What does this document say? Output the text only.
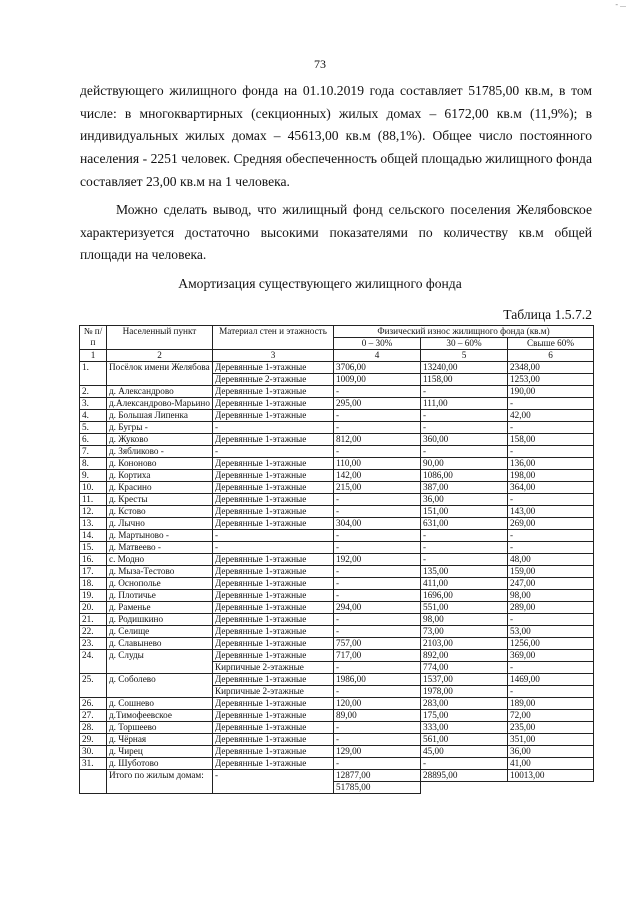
- ...
73

действующего жилищного фонда на 01.10.2019 года составляет 51785,00 кв.м, в том числе: в многоквартирных (секционных) жилых домах – 6172,00 кв.м (11,9%); в индивидуальных жилых домах – 45613,00 кв.м (88,1%). Общее число постоянного населения - 2251 человек. Средняя обеспеченность общей площадью жилищного фонда составляет 23,00 кв.м на 1 человека.

Можно сделать вывод, что жилищный фонд сельского поселения Желябовское характеризуется достаточно высокими показателями по количеству кв.м общей площади на человека.

Амортизация существующего жилищного фонда
Таблица 1.5.7.2
№ п/п	Населенный пункт	Материал стен и этажность	Физический износ жилищного фонда (кв.м)		
			0 – 30%	30 – 60%	Свыше 60%
1	2	3	4	5	6
1.	Посёлок имени Желябова	Деревянные 1-этажные	3706,00	13240,00	2348,00
		Деревянные 2-этажные	1009,00	1158,00	1253,00
2.	д. Александрово	Деревянные 1-этажные	-	-	190,00
3.	д.Александрово-Марьино	Деревянные 1-этажные	295,00	111,00	-
4.	д. Большая Липенка	Деревянные 1-этажные	-	-	42,00
5.	д. Бугры -	-	-	-	-
6.	д. Жуково	Деревянные 1-этажные	812,00	360,00	158,00
7.	д. Зябликово -	-	-	-	-
8.	д. Кононово	Деревянные 1-этажные	110,00	90,00	136,00
9.	д. Кортиха	Деревянные 1-этажные	142,00	1086,00	198,00
10.	д. Красино	Деревянные 1-этажные	215,00	387,00	364,00
11.	д. Кресты	Деревянные 1-этажные	-	36,00	-
12.	д. Кстово	Деревянные 1-этажные	-	151,00	143,00
13.	д. Лычно	Деревянные 1-этажные	304,00	631,00	269,00
14.	д. Мартыново -	-	-	-	-
15.	д. Матвеево -	-	-	-	-
16.	с. Модно	Деревянные 1-этажные	192,00	-	48,00
17.	д. Мыза-Тестово	Деревянные 1-этажные	-	135,00	159,00
18.	д. Оснополье	Деревянные 1-этажные	-	411,00	247,00
19.	д. Плотичье	Деревянные 1-этажные	-	1696,00	98,00
20.	д. Раменье	Деревянные 1-этажные	294,00	551,00	289,00
21.	д. Родишкино	Деревянные 1-этажные	-	98,00	-
22.	д. Селище	Деревянные 1-этажные	-	73,00	53,00
23.	д. Славынево	Деревянные 1-этажные	757,00	2103,00	1256,00
24.	д. Слуды	Деревянные 1-этажные	717,00	892,00	369,00
		Кирпичные 2-этажные	-	774,00	-
25.	д. Соболево	Деревянные 1-этажные	1986,00	1537,00	1469,00
		Кирпичные 2-этажные	-	1978,00	-
26.	д. Сошнево	Деревянные 1-этажные	120,00	283,00	189,00
27.	д.Тимофеевское	Деревянные 1-этажные	89,00	175,00	72,00
28.	д. Торшеево	Деревянные 1-этажные	-	333,00	235,00
29.	д. Чёрная	Деревянные 1-этажные	-	561,00	351,00
30.	д. Чирец	Деревянные 1-этажные	129,00	45,00	36,00
31.	д. Шуботово	Деревянные 1-этажные	-	-	41,00
	Итого по жилым домам:	-	12877,00	28895,00	10013,00
			51785,00		
